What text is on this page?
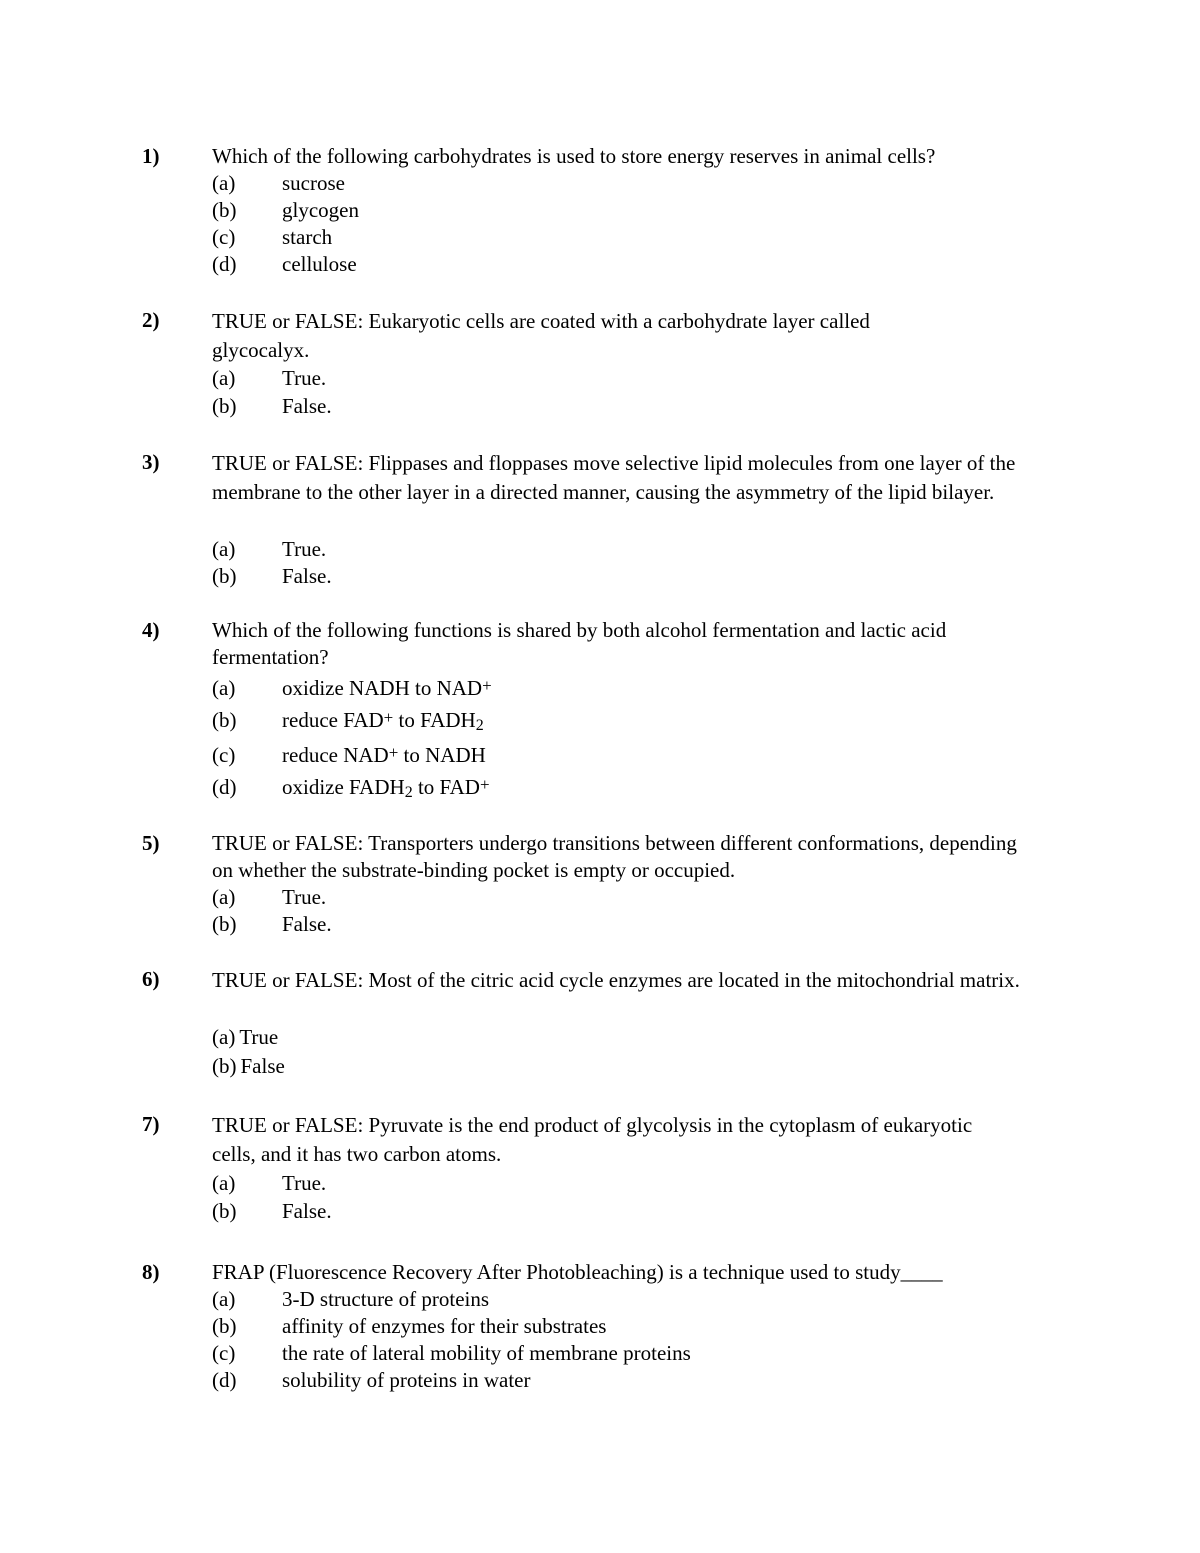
1)	Which of the following carbohydrates is used to store energy reserves in animal cells?
(a) sucrose
(b) glycogen
(c) starch
(d) cellulose
2)	TRUE or FALSE: Eukaryotic cells are coated with a carbohydrate layer called glycocalyx.
(a) True.
(b) False.
3)	TRUE or FALSE: Flippases and floppases move selective lipid molecules from one layer of the membrane to the other layer in a directed manner, causing the asymmetry of the lipid bilayer.
(a) True.
(b) False.
4)	Which of the following functions is shared by both alcohol fermentation and lactic acid fermentation?
(a) oxidize NADH to NAD+
(b) reduce FAD+ to $FADH_2$
(c) reduce NAD+ to NADH
(d) oxidize $FADH_2$ to FAD+
5)	TRUE or FALSE: Transporters undergo transitions between different conformations, depending on whether the substrate-binding pocket is empty or occupied.
(a) True.
(b) False.
6)	TRUE or FALSE: Most of the citric acid cycle enzymes are located in the mitochondrial matrix.
(a) True
(b) False
7)	TRUE or FALSE: Pyruvate is the end product of glycolysis in the cytoplasm of eukaryotic cells, and it has two carbon atoms.
(a) True.
(b) False.
8)	FRAP (Fluorescence Recovery After Photobleaching) is a technique used to study____
(a) 3-D structure of proteins
(b) affinity of enzymes for their substrates
(c) the rate of lateral mobility of membrane proteins
(d) solubility of proteins in water
